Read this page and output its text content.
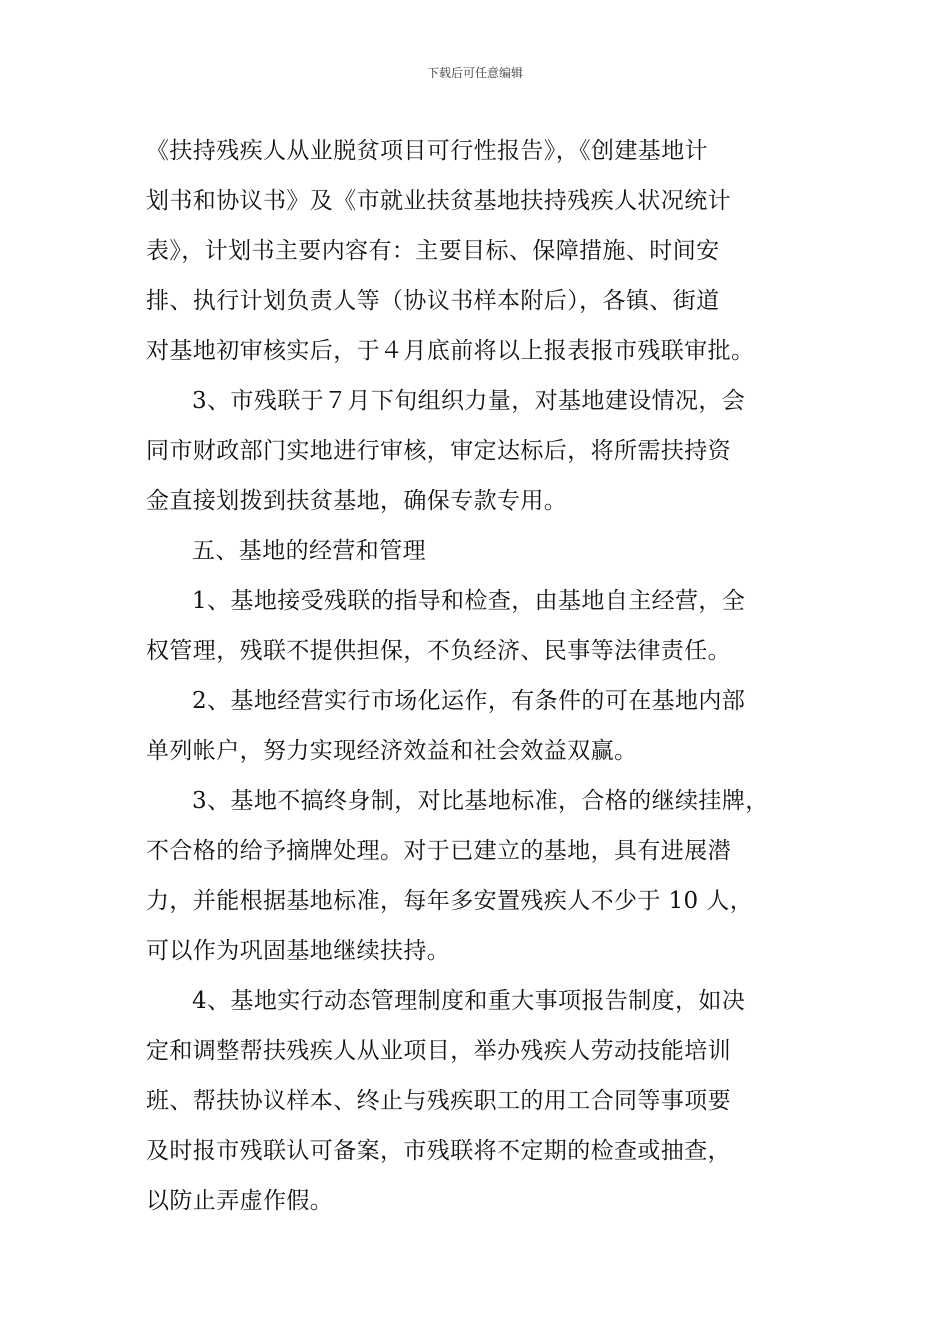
下载后可任意编辑
《扶持残疾人从业脱贫项目可行性报告》，《创建基地计
划书和协议书》及《市就业扶贫基地扶持残疾人状况统计
表》，计划书主要内容有：主要目标、保障措施、时间安
排、执行计划负责人等（协议书样本附后），各镇、街道
对基地初审核实后，于４月底前将以上报表报市残联审批。
3、市残联于７月下旬组织力量，对基地建设情况，会
同市财政部门实地进行审核，审定达标后，将所需扶持资
金直接划拨到扶贫基地，确保专款专用。
五、基地的经营和管理
1、基地接受残联的指导和检查，由基地自主经营，全
权管理，残联不提供担保，不负经济、民事等法律责任。
2、基地经营实行市场化运作，有条件的可在基地内部
单列帐户，努力实现经济效益和社会效益双赢。
3、基地不搞终身制，对比基地标准，合格的继续挂牌，
不合格的给予摘牌处理。对于已建立的基地，具有进展潜
力，并能根据基地标准，每年多安置残疾人不少于 10 人，
可以作为巩固基地继续扶持。
4、基地实行动态管理制度和重大事项报告制度，如决
定和调整帮扶残疾人从业项目，举办残疾人劳动技能培训
班、帮扶协议样本、终止与残疾职工的用工合同等事项要
及时报市残联认可备案，市残联将不定期的检查或抽查，
以防止弄虚作假。
